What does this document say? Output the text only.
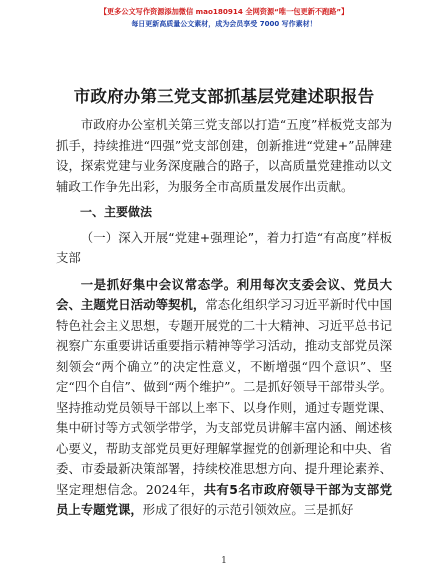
【更多公文写作资源添加微信 mao180914 全网资源“唯一包更新不跑路”】
每日更新高质量公文素材，成为会员享受 7000 写作素材！
市政府办第三党支部抓基层党建述职报告

市政府办公室机关第三党支部以打造“五度”样板党支部为抓手，持续推进“四强”党支部创建，创新推进“党建+”品牌建设，探索党建与业务深度融合的路子，以高质量党建推动以文辅政工作争先出彩，为服务全市高质量发展作出贡献。

一、主要做法

（一）深入开展“党建+强理论”，着力打造“有高度”样板支部

一是抓好集中会议常态学。利用每次支委会议、党员大会、主题党日活动等契机，常态化组织学习习近平新时代中国特色社会主义思想，专题开展党的二十大精神、习近平总书记视察广东重要讲话重要指示精神等学习活动，推动支部党员深刻领会“两个确立”的决定性意义，不断增强“四个意识”、坚定“四个自信”、做到“两个维护”。二是抓好领导干部带头学。坚持推动党员领导干部以上率下、以身作则，通过专题党课、集中研讨等方式领学带学，为支部党员讲解丰富内涵、阐述核心要义，帮助支部党员更好理解掌握党的创新理论和中央、省委、市委最新决策部署，持续校准思想方向、提升理论素养、坚定理想信念。2024年，共有5名市政府领导干部为支部党员上专题党课，形成了很好的示范引领效应。三是抓好

1
